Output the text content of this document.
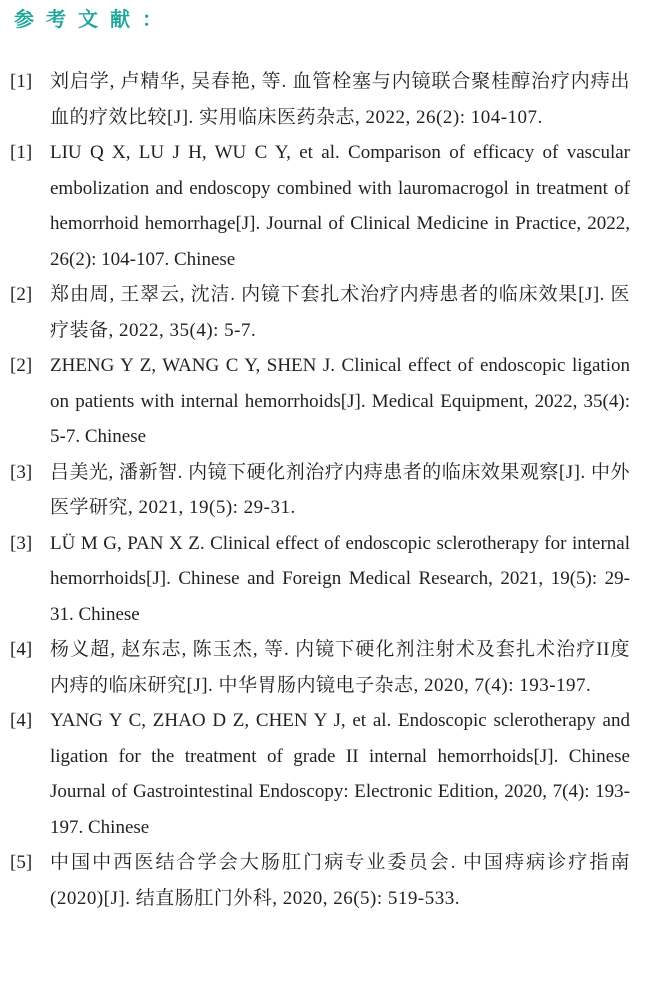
参考文献：
[1] 刘启学, 卢精华, 吴春艳, 等. 血管栓塞与内镜联合聚桂醇治疗内痔出血的疗效比较[J]. 实用临床医药杂志, 2022, 26(2): 104-107.
[1] LIU Q X, LU J H, WU C Y, et al. Comparison of efficacy of vascular embolization and endoscopy combined with lauromacrogol in treatment of hemorrhoid hemorrhage[J]. Journal of Clinical Medicine in Practice, 2022, 26(2): 104-107. Chinese
[2] 郑由周, 王翠云, 沈洁. 内镜下套扎术治疗内痔患者的临床效果[J]. 医疗装备, 2022, 35(4): 5-7.
[2] ZHENG Y Z, WANG C Y, SHEN J. Clinical effect of endoscopic ligation on patients with internal hemorrhoids[J]. Medical Equipment, 2022, 35(4): 5-7. Chinese
[3] 吕美光, 潘新智. 内镜下硬化剂治疗内痔患者的临床效果观察[J]. 中外医学研究, 2021, 19(5): 29-31.
[3] LÜ M G, PAN X Z. Clinical effect of endoscopic sclerotherapy for internal hemorrhoids[J]. Chinese and Foreign Medical Research, 2021, 19(5): 29-31. Chinese
[4] 杨义超, 赵东志, 陈玉杰, 等. 内镜下硬化剂注射术及套扎术治疗II度内痔的临床研究[J]. 中华胃肠内镜电子杂志, 2020, 7(4): 193-197.
[4] YANG Y C, ZHAO D Z, CHEN Y J, et al. Endoscopic sclerotherapy and ligation for the treatment of grade II internal hemorrhoids[J]. Chinese Journal of Gastrointestinal Endoscopy: Electronic Edition, 2020, 7(4): 193-197. Chinese
[5] 中国中西医结合学会大肠肛门病专业委员会. 中国痔病诊疗指南(2020)[J]. 结直肠肛门外科, 2020, 26(5): 519-533.
